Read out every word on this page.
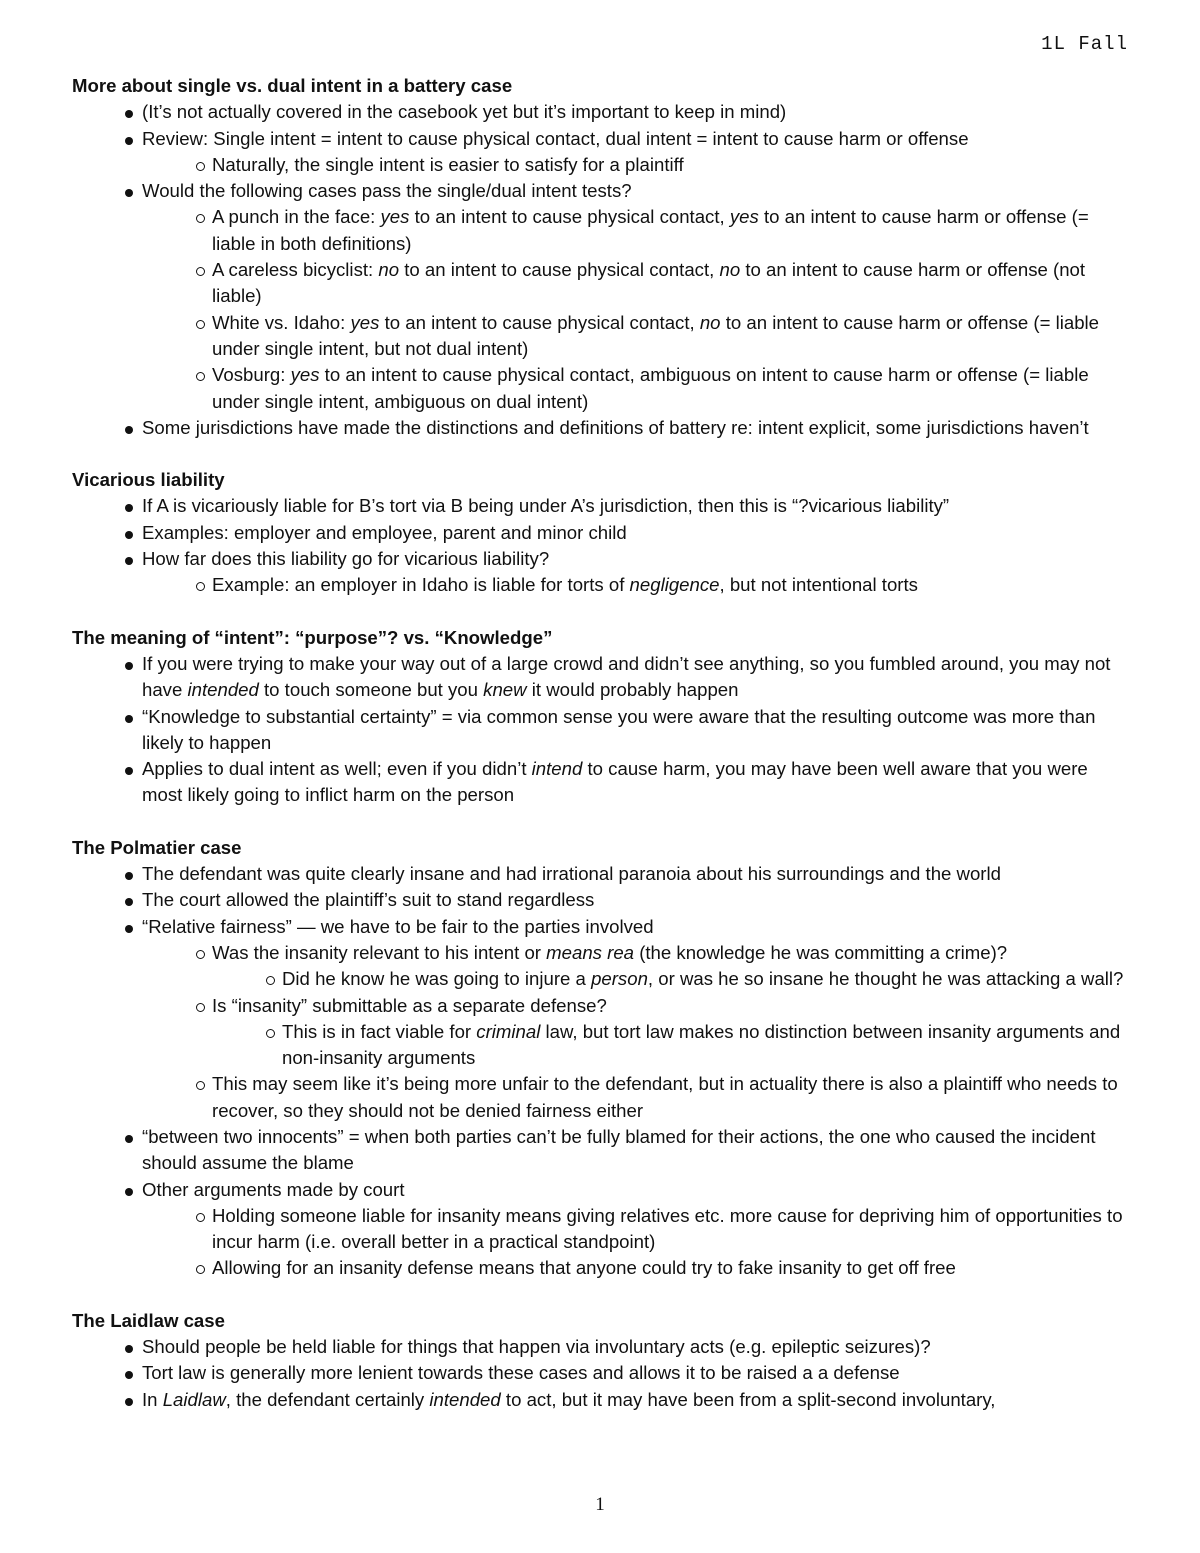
1L Fall
More about single vs. dual intent in a battery case
(It’s not actually covered in the casebook yet but it’s important to keep in mind)
Review: Single intent = intent to cause physical contact, dual intent = intent to cause harm or offense
Naturally, the single intent is easier to satisfy for a plaintiff
Would the following cases pass the single/dual intent tests?
A punch in the face: yes to an intent to cause physical contact, yes to an intent to cause harm or offense (= liable in both definitions)
A careless bicyclist: no to an intent to cause physical contact, no to an intent to cause harm or offense (not liable)
White vs. Idaho: yes to an intent to cause physical contact, no to an intent to cause harm or offense (= liable under single intent, but not dual intent)
Vosburg: yes to an intent to cause physical contact, ambiguous on intent to cause harm or offense (= liable under single intent, ambiguous on dual intent)
Some jurisdictions have made the distinctions and definitions of battery re: intent explicit, some jurisdictions haven’t
Vicarious liability
If A is vicariously liable for B’s tort via B being under A’s jurisdiction, then this is “?vicarious liability”
Examples: employer and employee, parent and minor child
How far does this liability go for vicarious liability?
Example: an employer in Idaho is liable for torts of negligence, but not intentional torts
The meaning of “intent”: “purpose”? vs. “Knowledge”
If you were trying to make your way out of a large crowd and didn’t see anything, so you fumbled around, you may not have intended to touch someone but you knew it would probably happen
“Knowledge to substantial certainty” = via common sense you were aware that the resulting outcome was more than likely to happen
Applies to dual intent as well; even if you didn’t intend to cause harm, you may have been well aware that you were most likely going to inflict harm on the person
The Polmatier case
The defendant was quite clearly insane and had irrational paranoia about his surroundings and the world
The court allowed the plaintiff’s suit to stand regardless
“Relative fairness” — we have to be fair to the parties involved
Was the insanity relevant to his intent or means rea (the knowledge he was committing a crime)?
Did he know he was going to injure a person, or was he so insane he thought he was attacking a wall?
Is “insanity” submittable as a separate defense?
This is in fact viable for criminal law, but tort law makes no distinction between insanity arguments and non-insanity arguments
This may seem like it’s being more unfair to the defendant, but in actuality there is also a plaintiff who needs to recover, so they should not be denied fairness either
“between two innocents” = when both parties can’t be fully blamed for their actions, the one who caused the incident should assume the blame
Other arguments made by court
Holding someone liable for insanity means giving relatives etc. more cause for depriving him of opportunities to incur harm (i.e. overall better in a practical standpoint)
Allowing for an insanity defense means that anyone could try to fake insanity to get off free
The Laidlaw case
Should people be held liable for things that happen via involuntary acts (e.g. epileptic seizures)?
Tort law is generally more lenient towards these cases and allows it to be raised a a defense
In Laidlaw, the defendant certainly intended to act, but it may have been from a split-second involuntary,
1
